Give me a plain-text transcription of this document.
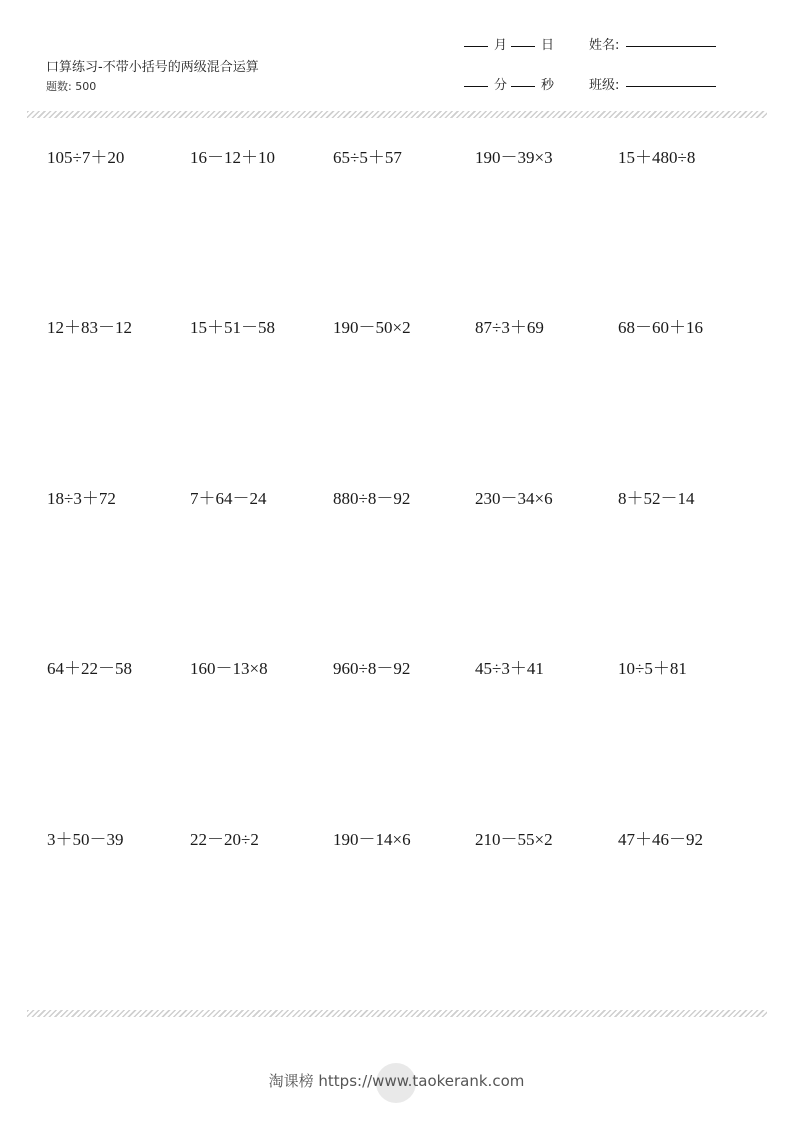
口算练习-不带小括号的两级混合运算
题数: 500
月	日	姓名:
分	秒	班级:
105÷7＋20	16－12＋10	65÷5＋57	190－39×3	15＋480÷8
12＋83－12	15＋51－58	190－50×2	87÷3＋69	68－60＋16
18÷3＋72	7＋64－24	880÷8－92	230－34×6	8＋52－14
64＋22－58	160－13×8	960÷8－92	45÷3＋41	10÷5＋81
3＋50－39	22－20÷2	190－14×6	210－55×2	47＋46－92
淘课榜 https://www.taokerank.com
